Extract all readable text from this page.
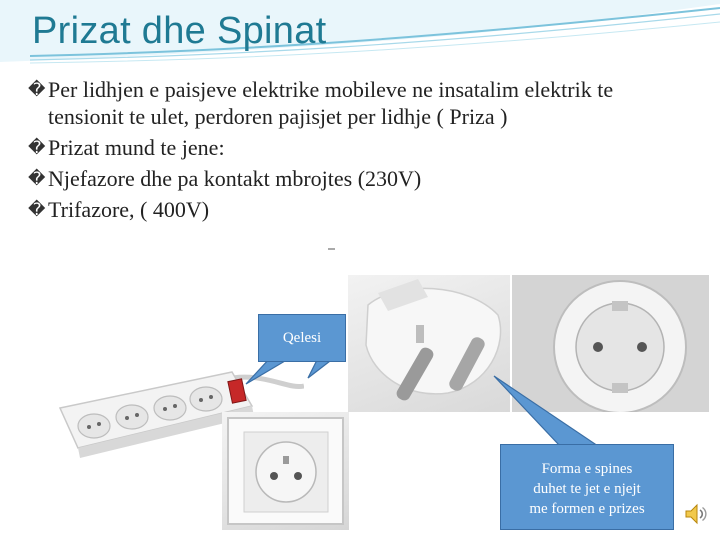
Prizat dhe Spinat
� Per lidhjen e paisjeve elektrike mobileve ne insatalim elektrik te tensionit te ulet, perdoren pajisjet per lidhje ( Priza )
� Prizat mund te jene:
� Njefazore dhe pa kontakt mbrojtes (230V)
� Trifazore, ( 400V)
Qelesi
Forma e spines
duhet te jet e njejt
me formen e prizes
